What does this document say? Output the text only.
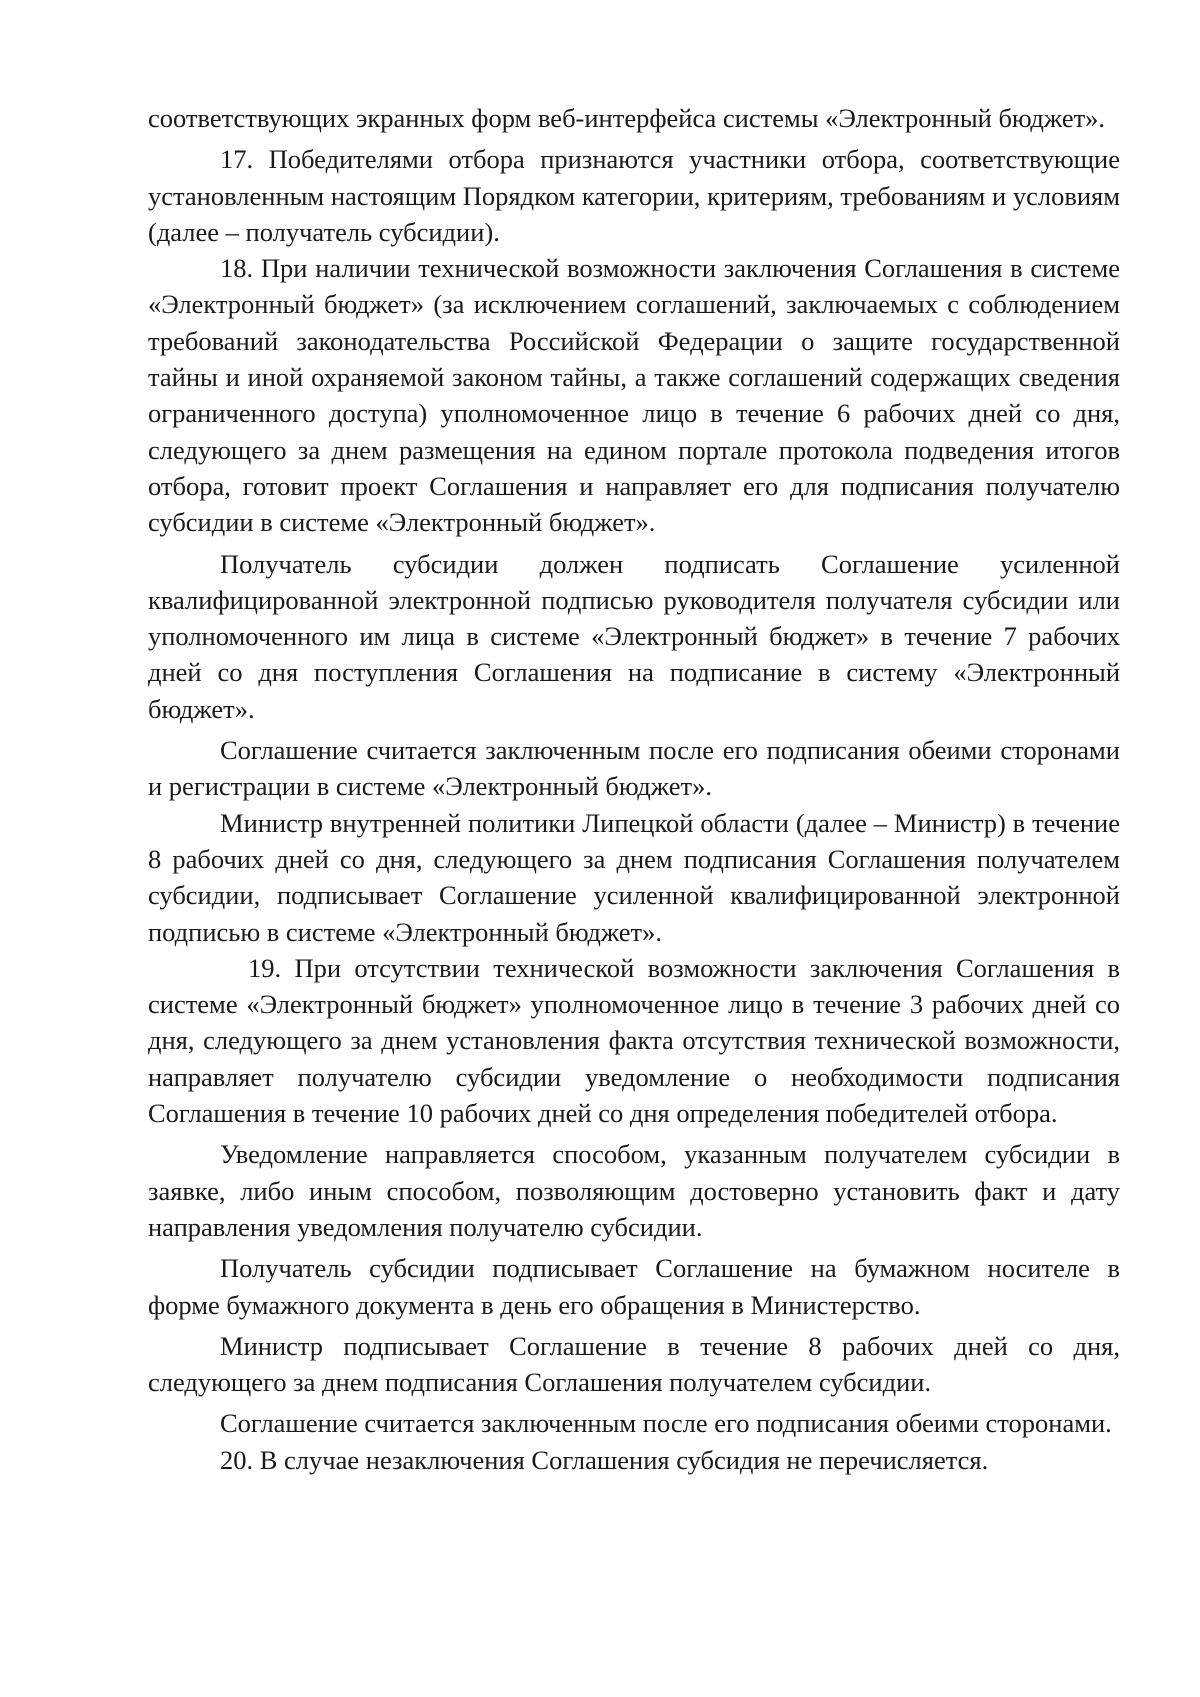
соответствующих экранных форм веб-интерфейса системы «Электронный бюджет».

17. Победителями отбора признаются участники отбора, соответствующие установленным настоящим Порядком категории, критериям, требованиям и условиям (далее – получатель субсидии).

18. При наличии технической возможности заключения Соглашения в системе «Электронный бюджет» (за исключением соглашений, заключаемых с соблюдением требований законодательства Российской Федерации о защите государственной тайны и иной охраняемой законом тайны, а также соглашений содержащих сведения ограниченного доступа) уполномоченное лицо в течение 6 рабочих дней со дня, следующего за днем размещения на едином портале протокола подведения итогов отбора, готовит проект Соглашения и направляет его для подписания получателю субсидии в системе «Электронный бюджет».

Получатель субсидии должен подписать Соглашение усиленной квалифицированной электронной подписью руководителя получателя субсидии или уполномоченного им лица в системе «Электронный бюджет» в течение 7 рабочих дней со дня поступления Соглашения на подписание в систему «Электронный бюджет».

Соглашение считается заключенным после его подписания обеими сторонами и регистрации в системе «Электронный бюджет».

Министр внутренней политики Липецкой области (далее – Министр) в течение 8 рабочих дней со дня, следующего за днем подписания Соглашения получателем субсидии, подписывает Соглашение усиленной квалифицированной электронной подписью в системе «Электронный бюджет».

19. При отсутствии технической возможности заключения Соглашения в системе «Электронный бюджет» уполномоченное лицо в течение 3 рабочих дней со дня, следующего за днем установления факта отсутствия технической возможности, направляет получателю субсидии уведомление о необходимости подписания Соглашения в течение 10 рабочих дней со дня определения победителей отбора.

Уведомление направляется способом, указанным получателем субсидии в заявке, либо иным способом, позволяющим достоверно установить факт и дату направления уведомления получателю субсидии.

Получатель субсидии подписывает Соглашение на бумажном носителе в форме бумажного документа в день его обращения в Министерство.

Министр подписывает Соглашение в течение 8 рабочих дней со дня, следующего за днем подписания Соглашения получателем субсидии.

Соглашение считается заключенным после его подписания обеими сторонами.

20. В случае незаключения Соглашения субсидия не перечисляется.
